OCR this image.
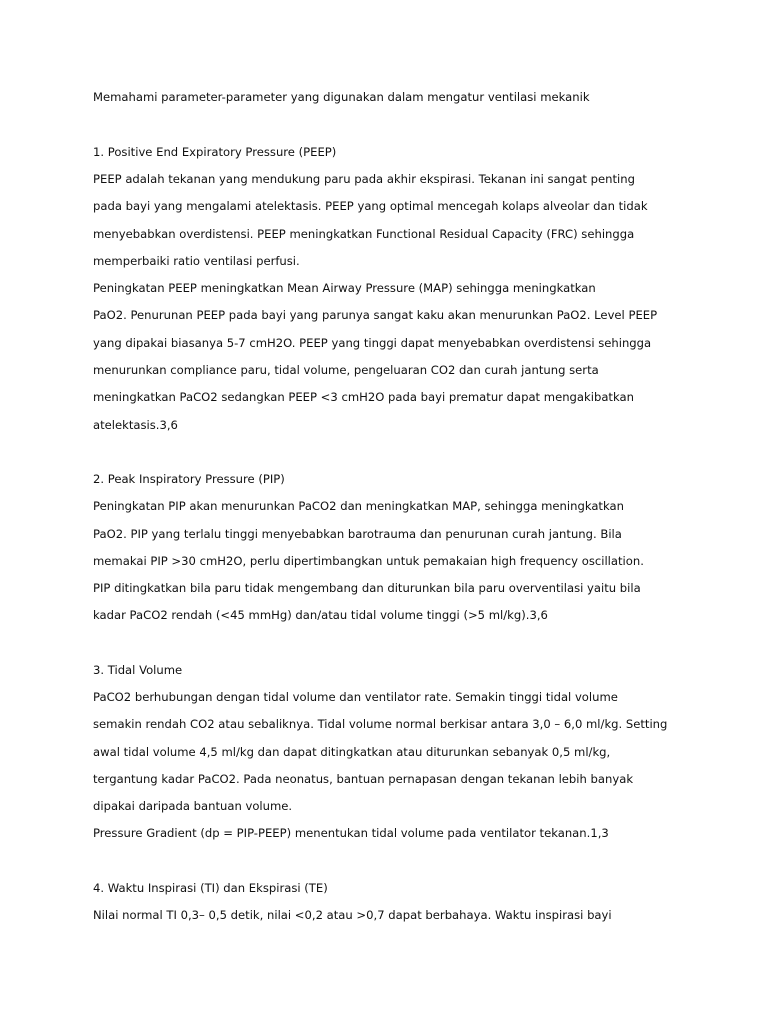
Memahami parameter-parameter yang digunakan dalam mengatur ventilasi mekanik
1. Positive End Expiratory Pressure (PEEP)
PEEP adalah tekanan yang mendukung paru pada akhir ekspirasi. Tekanan ini sangat penting
pada bayi yang mengalami atelektasis. PEEP yang optimal mencegah kolaps alveolar dan tidak
menyebabkan overdistensi. PEEP meningkatkan Functional Residual Capacity (FRC) sehingga
memperbaiki ratio ventilasi perfusi.
Peningkatan PEEP meningkatkan Mean Airway Pressure (MAP) sehingga meningkatkan
PaO2. Penurunan PEEP pada bayi yang parunya sangat kaku akan menurunkan PaO2. Level PEEP
yang dipakai biasanya 5-7 cmH2O. PEEP yang tinggi dapat menyebabkan overdistensi sehingga
menurunkan compliance paru, tidal volume, pengeluaran CO2 dan curah jantung serta
meningkatkan PaCO2 sedangkan PEEP <3 cmH2O pada bayi prematur dapat mengakibatkan
atelektasis.3,6
2. Peak Inspiratory Pressure (PIP)
Peningkatan PIP akan menurunkan PaCO2 dan meningkatkan MAP, sehingga meningkatkan
PaO2. PIP yang terlalu tinggi menyebabkan barotrauma dan penurunan curah jantung. Bila
memakai PIP >30 cmH2O, perlu dipertimbangkan untuk pemakaian high frequency oscillation.
PIP ditingkatkan bila paru tidak mengembang dan diturunkan bila paru overventilasi yaitu bila
kadar PaCO2 rendah (<45 mmHg) dan/atau tidal volume tinggi (>5 ml/kg).3,6
3. Tidal Volume
PaCO2 berhubungan dengan tidal volume dan ventilator rate. Semakin tinggi tidal volume
semakin rendah CO2 atau sebaliknya. Tidal volume normal berkisar antara 3,0 – 6,0 ml/kg. Setting
awal tidal volume 4,5 ml/kg dan dapat ditingkatkan atau diturunkan sebanyak 0,5 ml/kg,
tergantung kadar PaCO2. Pada neonatus, bantuan pernapasan dengan tekanan lebih banyak
dipakai daripada bantuan volume.
Pressure Gradient (dp = PIP-PEEP) menentukan tidal volume pada ventilator tekanan.1,3
4. Waktu Inspirasi (TI) dan Ekspirasi (TE)
Nilai normal TI 0,3– 0,5 detik, nilai <0,2 atau >0,7 dapat berbahaya. Waktu inspirasi bayi
